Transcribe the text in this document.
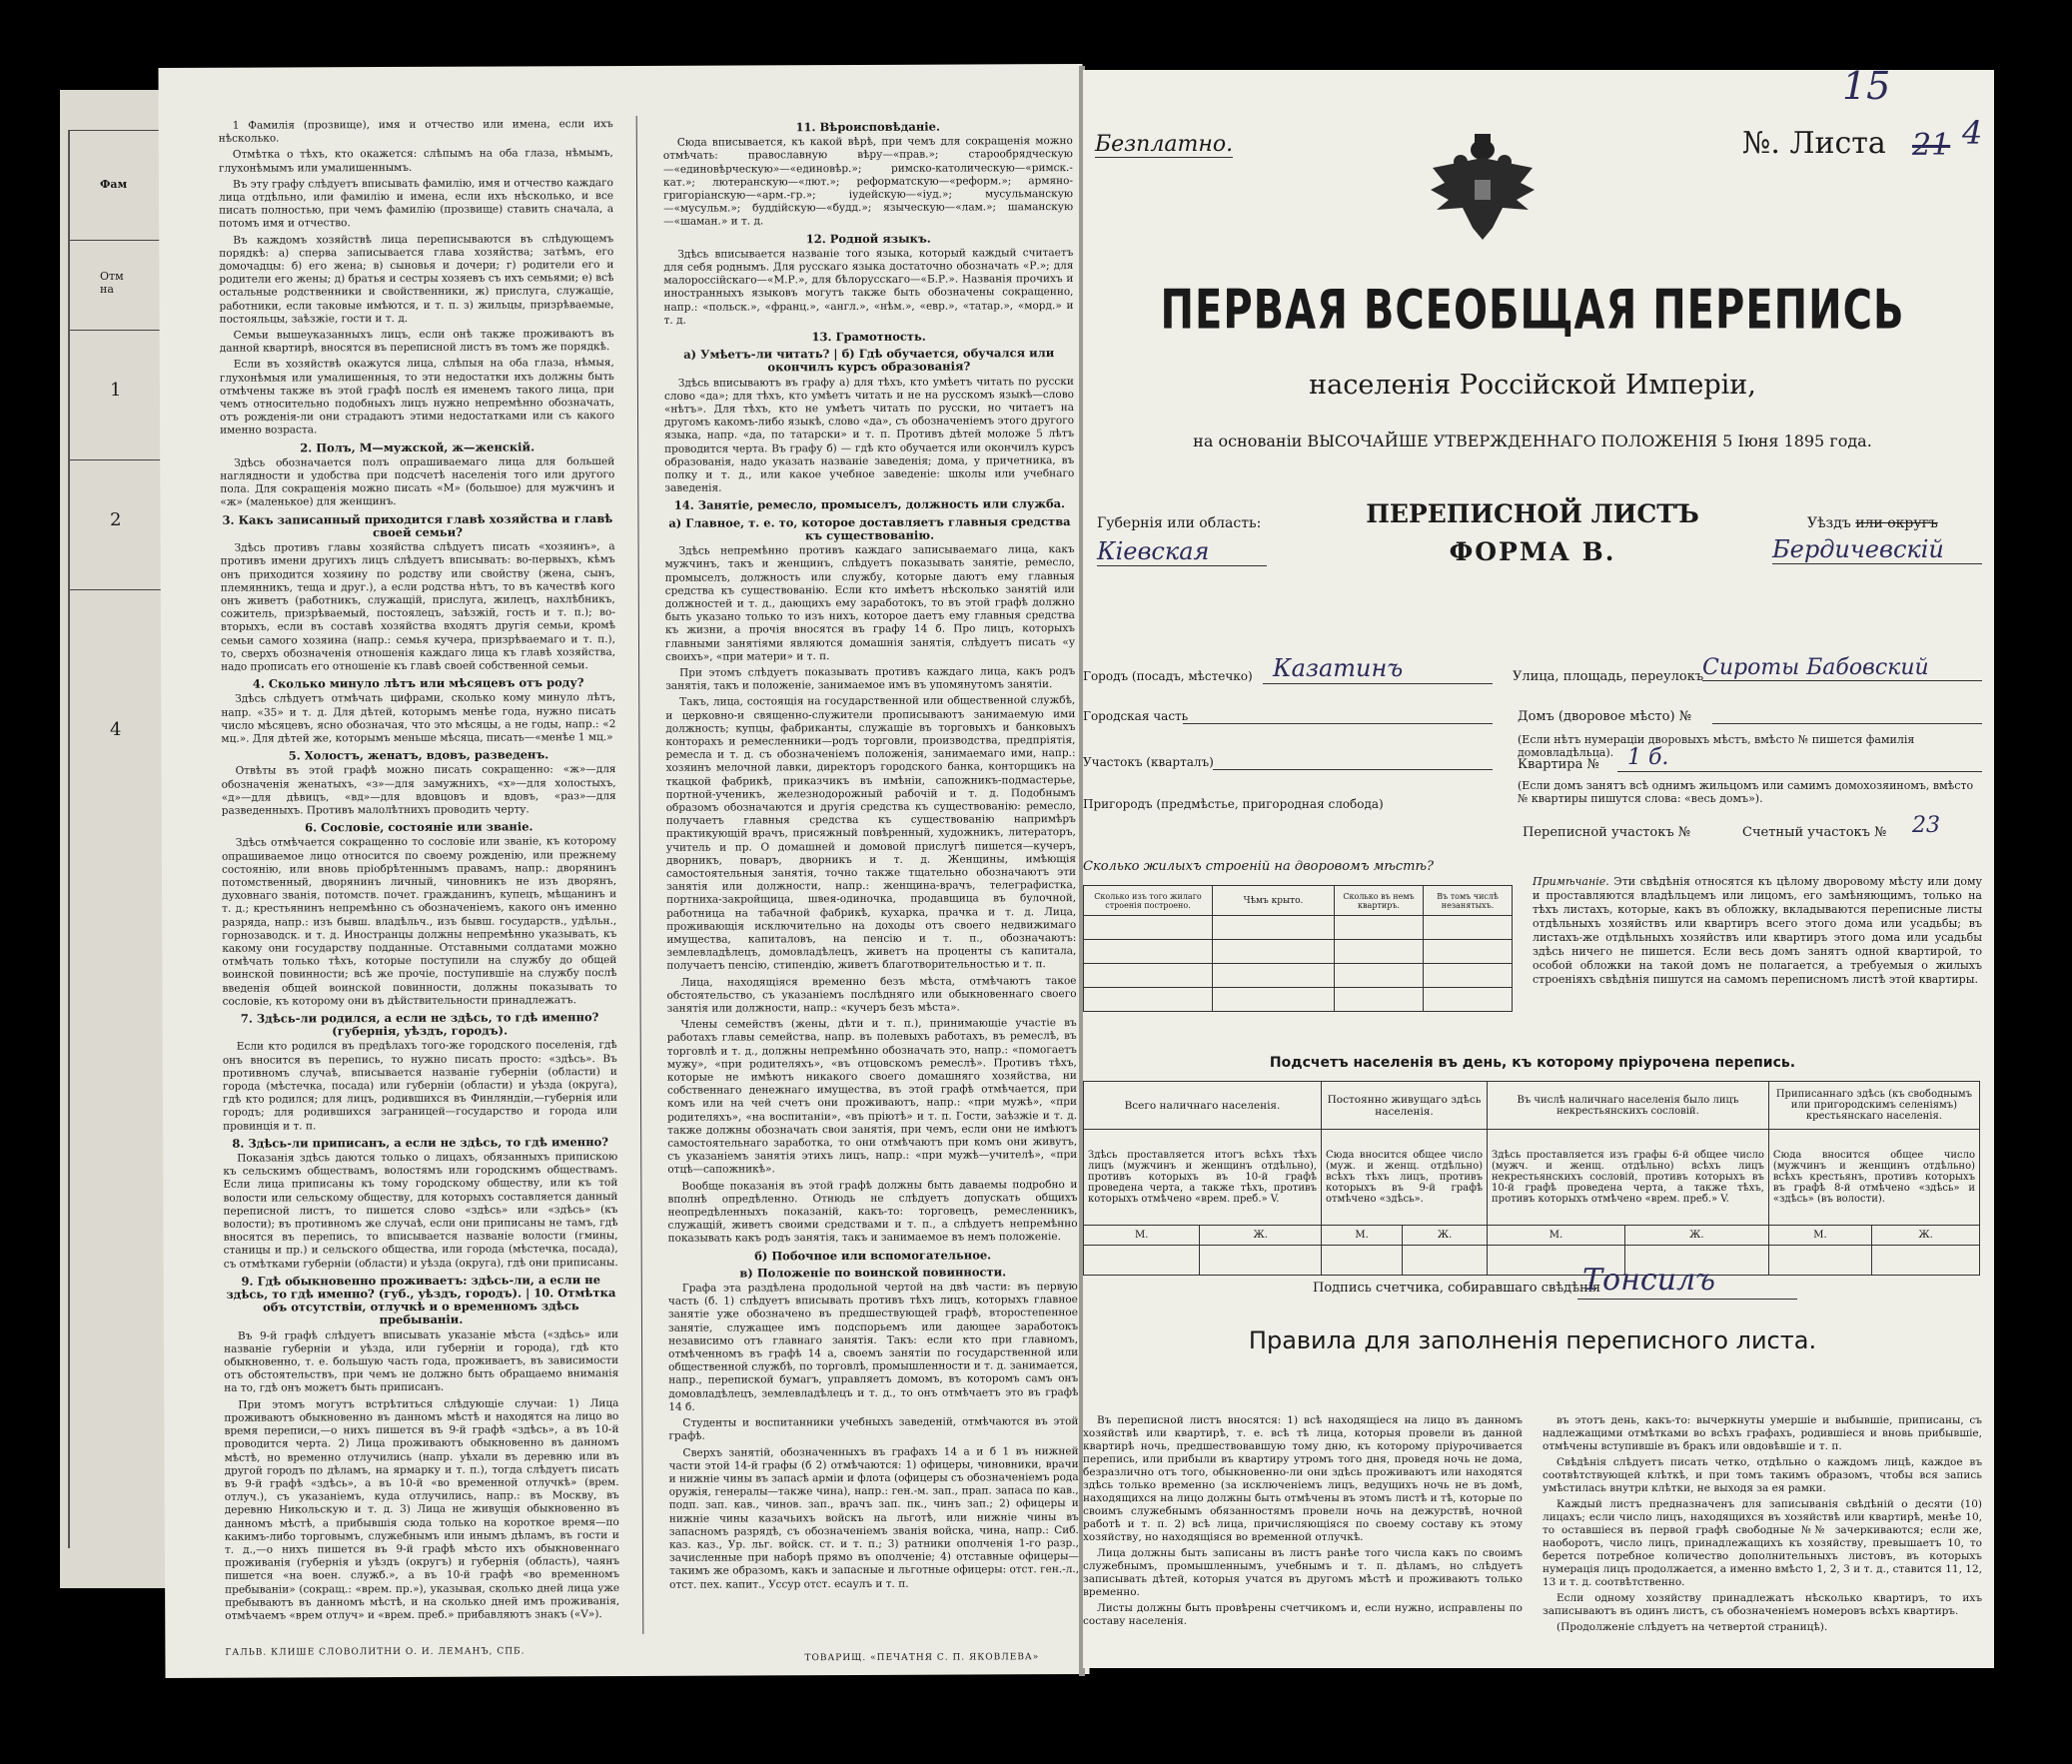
Фам
Отм на
1
2
4

1 Фамилія (прозвище), имя и отчество или имена, если ихъ нѣсколько.

Отмѣтка о тѣхъ, кто окажется: слѣпымъ на оба глаза, нѣмымъ, глухонѣмымъ или умалишеннымъ.

Въ эту графу слѣдуетъ вписывать фамилію, имя и отчество каждаго лица отдѣльно, или фамилію и имена, если ихъ нѣсколько, и все писать полностью, при чемъ фамилію (прозвище) ставить сначала, а потомъ имя и отчество.

Въ каждомъ хозяйствѣ лица переписываются въ слѣдующемъ порядкѣ: а) сперва записывается глава хозяйства; затѣмъ, его домочадцы: б) его жена; в) сыновья и дочери; г) родители его и родители его жены; д) братья и сестры хозяевъ съ ихъ семьями; е) всѣ остальные родственники и свойственники, ж) прислуга, служащіе, работники, если таковые имѣются, и т. п. з) жильцы, призрѣваемые, постояльцы, заѣзжіе, гости и т. д.

Семьи вышеуказанныхъ лицъ, если онѣ также проживаютъ въ данной квартирѣ, вносятся въ переписной листъ въ томъ же порядкѣ.

Если въ хозяйствѣ окажутся лица, слѣпыя на оба глаза, нѣмыя, глухонѣмыя или умалишенныя, то эти недостатки ихъ должны быть отмѣчены также въ этой графѣ послѣ ея именемъ такого лица, при чемъ относительно подобныхъ лицъ нужно непремѣнно обозначать, отъ рожденія-ли они страдаютъ этими недостатками или съ какого именно возраста.

2. Полъ, М—мужской, ж—женскій.

Здѣсь обозначается полъ опрашиваемаго лица для большей наглядности и удобства при подсчетѣ населенія того или другого пола. Для сокращенія можно писать «М» (большое) для мужчинъ и «ж» (маленькое) для женщинъ.

3. Какъ записанный приходится главѣ хозяйства и главѣ своей семьи?

Здѣсь противъ главы хозяйства слѣдуетъ писать «хозяинъ», а противъ имени другихъ лицъ слѣдуетъ вписывать: во-первыхъ, кѣмъ онъ приходится хозяину по родству или свойству (жена, сынъ, племянникъ, теща и друг.), а если родства нѣтъ, то въ качествѣ кого онъ живетъ (работникъ, служащій, прислуга, жилецъ, нахлѣбникъ, сожитель, призрѣваемый, постоялецъ, заѣзжій, гость и т. п.); во-вторыхъ, если въ составѣ хозяйства входятъ другія семьи, кромѣ семьи самого хозяина (напр.: семья кучера, призрѣваемаго и т. п.), то, сверхъ обозначенія отношенія каждаго лица къ главѣ хозяйства, надо прописать его отношеніе къ главѣ своей собственной семьи.

4. Сколько минуло лѣтъ или мѣсяцевъ отъ роду?

Здѣсь слѣдуетъ отмѣчать цифрами, сколько кому минуло лѣтъ, напр. «35» и т. д. Для дѣтей, которымъ менѣе года, нужно писать число мѣсяцевъ, ясно обозначая, что это мѣсяцы, а не годы, напр.: «2 мц.». Для дѣтей же, которымъ меньше мѣсяца, писать—«менѣе 1 мц.»

5. Холостъ, женатъ, вдовъ, разведенъ.

Отвѣты въ этой графѣ можно писать сокращенно: «ж»—для обозначенія женатыхъ, «з»—для замужнихъ, «х»—для холостыхъ, «д»—для дѣвицъ, «вд»—для вдовцовъ и вдовъ, «раз»—для разведенныхъ. Противъ малолѣтнихъ проводить черту.

6. Сословіе, состояніе или званіе.

Здѣсь отмѣчается сокращенно то сословіе или званіе, къ которому опрашиваемое лицо относится по своему рожденію, или прежнему состоянію, или вновь пріобрѣтеннымъ правамъ, напр.: дворянинъ потомственный, дворянинъ личный, чиновникъ не изъ дворянъ, духовнаго званія, потомств. почет. гражданинъ, купецъ, мѣщанинъ и т. д.; крестьянинъ непремѣнно съ обозначеніемъ, какого онъ именно разряда, напр.: изъ бывш. владѣльч., изъ бывш. государств., удѣльн., горнозаводск. и т. д. Иностранцы должны непремѣнно указывать, къ какому они государству подданные. Отставными солдатами можно отмѣчать только тѣхъ, которые поступили на службу до общей воинской повинности; всѣ же прочіе, поступившіе на службу послѣ введенія общей воинской повинности, должны показывать то сословіе, къ которому они въ дѣйствительности принадлежатъ.

7. Здѣсь-ли родился, а если не здѣсь, то гдѣ именно? (губернія, уѣздъ, городъ).

Если кто родился въ предѣлахъ того-же городского поселенія, гдѣ онъ вносится въ перепись, то нужно писать просто: «здѣсь». Въ противномъ случаѣ, вписывается названіе губерніи (области) и города (мѣстечка, посада) или губерніи (области) и уѣзда (округа), гдѣ кто родился; для лицъ, родившихся въ Финляндіи,—губернія или городъ; для родившихся заграницей—государство и города или провинція и т. п.

8. Здѣсь-ли приписанъ, а если не здѣсь, то гдѣ именно?

Показанія здѣсь даются только о лицахъ, обязанныхъ припискою къ сельскимъ обществамъ, волостямъ или городскимъ обществамъ. Если лица приписаны къ тому городскому обществу, или къ той волости или сельскому обществу, для которыхъ составляется данный переписной листъ, то пишется слово «здѣсь» или «здѣсь» (къ волости); въ противномъ же случаѣ, если они приписаны не тамъ, гдѣ вносятся въ перепись, то вписывается названіе волости (гмины, станицы и пр.) и сельского общества, или города (мѣстечка, посада), съ отмѣтками губерніи (области) и уѣзда (округа), гдѣ они приписаны.

9. Гдѣ обыкновенно проживаетъ: здѣсь-ли, а если не здѣсь, то гдѣ именно? (губ., уѣздъ, городъ). | 10. Отмѣтка объ отсутствіи, отлучкѣ и о временномъ здѣсь пребываніи.

Въ 9-й графѣ слѣдуетъ вписывать указаніе мѣста («здѣсь» или названіе губерніи и уѣзда, или губерніи и города), гдѣ кто обыкновенно, т. е. большую часть года, проживаетъ, въ зависимости отъ обстоятельствъ, при чемъ не должно быть обращаемо вниманія на то, гдѣ онъ можетъ быть приписанъ.

При этомъ могутъ встрѣтиться слѣдующіе случаи: 1) Лица проживаютъ обыкновенно въ данномъ мѣстѣ и находятся на лицо во время переписи,—о нихъ пишется въ 9-й графѣ «здѣсь», а въ 10-й проводится черта. 2) Лица проживаютъ обыкновенно въ данномъ мѣстѣ, но временно отлучились (напр. уѣхали въ деревню или въ другой городъ по дѣламъ, на ярмарку и т. п.), тогда слѣдуетъ писать въ 9-й графѣ «здѣсь», а въ 10-й «во временной отлучкѣ» (врем. отлуч.), съ указаніемъ, куда отлучились, напр.: въ Москву, въ деревню Никольскую и т. д. 3) Лица не живущія обыкновенно въ данномъ мѣстѣ, а прибывшія сюда только на короткое время—по какимъ-либо торговымъ, служебнымъ или инымъ дѣламъ, въ гости и т. д.,—о нихъ пишется въ 9-й графѣ мѣсто ихъ обыкновеннаго проживанія (губернія и уѣздъ (округъ) и губернія (область), чаянъ пишется «на воен. служб.», а въ 10-й графѣ «во временномъ пребываніи» (сокращ.: «врем. пр.»), указывая, сколько дней лица уже пребываютъ въ данномъ мѣстѣ, и на сколько дней имъ проживанія, отмѣчаемъ «врем отлуч» и «врем. преб.» прибавляютъ знакъ («V»).

11. Вѣроисповѣданіе.

Сюда вписывается, къ какой вѣрѣ, при чемъ для сокращенія можно отмѣчать: православную вѣру—«прав.»; старообрядческую—«единовѣрческую»—«единовѣр.»; римско-католическую—«римск.-кат.»; лютеранскую—«лют.»; реформатскую—«реформ.»; армяно-григоріанскую—«арм.-гр.»; іудейскую—«іуд.»; мусульманскую—«мусульм.»; буддійскую—«будд.»; языческую—«лам.»; шаманскую—«шаман.» и т. д.

12. Родной языкъ.

Здѣсь вписывается названіе того языка, который каждый считаетъ для себя роднымъ. Для русскаго языка достаточно обозначать «Р.»; для малороссійскаго—«М.Р.», для бѣлорусскаго—«Б.Р.». Названія прочихъ и иностранныхъ языковъ могутъ также быть обозначены сокращенно, напр.: «польск.», «франц.», «англ.», «нѣм.», «евр.», «татар.», «морд.» и т. д.

13. Грамотность.
а) Умѣетъ-ли читать? | б) Гдѣ обучается, обучался или окончилъ курсъ образованія?

Здѣсь вписываютъ въ графу а) для тѣхъ, кто умѣетъ читать по русски слово «да»; для тѣхъ, кто умѣетъ читать и не на русскомъ языкѣ—слово «нѣтъ». Для тѣхъ, кто не умѣетъ читать по русски, но читаетъ на другомъ какомъ-либо языкѣ, слово «да», съ обозначеніемъ этого другого языка, напр. «да, по татарски» и т. п. Противъ дѣтей моложе 5 лѣтъ проводится черта. Въ графу б) — гдѣ кто обучается или окончилъ курсъ образованія, надо указать названіе заведенія; дома, у причетника, въ полку и т. д., или какое учебное заведеніе: школы или учебнаго заведенія.

14. Занятіе, ремесло, промыселъ, должность или служба.
а) Главное, т. е. то, которое доставляетъ главныя средства къ существованію.

Здѣсь непремѣнно противъ каждаго записываемаго лица, какъ мужчинъ, такъ и женщинъ, слѣдуетъ показывать занятіе, ремесло, промыселъ, должность или службу, которые даютъ ему главныя средства къ существованію. Если кто имѣетъ нѣсколько занятій или должностей и т. д., дающихъ ему заработокъ, то въ этой графѣ должно быть указано только то изъ нихъ, которое даетъ ему главныя средства къ жизни, а прочія вносятся въ графу 14 б. Про лицъ, которыхъ главными занятіями являются домашнія занятія, слѣдуетъ писать «у своихъ», «при матери» и т. п.

При этомъ слѣдуетъ показывать противъ каждаго лица, какъ родъ занятія, такъ и положеніе, занимаемое имъ въ упомянутомъ занятіи.

Такъ, лица, состоящія на государственной или общественной службѣ, и церковно-и священно-служители прописываютъ занимаемую ими должность; купцы, фабриканты, служащіе въ торговыхъ и банковыхъ конторахъ и ремесленники—родъ торговли, производства, предпріятія, ремесла и т. д. съ обозначеніемъ положенія, занимаемаго ими, напр.: хозяинъ мелочной лавки, директоръ городского банка, конторщикъ на ткацкой фабрикѣ, приказчикъ въ имѣніи, сапожникъ-подмастерье, портной-ученикъ, железнодорожный рабочій и т. д. Подобнымъ образомъ обозначаются и другія средства къ существованію: ремесло, получаетъ главныя средства къ существованію напримѣръ практикующій врачъ, присяжный повѣренный, художникъ, литераторъ, учитель и пр. О домашней и домовой прислугѣ пишется—кучеръ, дворникъ, поваръ, дворникъ и т. д. Женщины, имѣющія самостоятельныя занятія, точно также тщательно обозначаютъ эти занятія или должности, напр.: женщина-врачъ, телеграфистка, портниха-закройщица, швея-одиночка, продавщица въ булочной, работница на табачной фабрикѣ, кухарка, прачка и т. д. Лица, проживающія исключительно на доходы отъ своего недвижимаго имущества, капиталовъ, на пенсію и т. п., обозначаютъ: землевладѣлецъ, домовладѣлецъ, живетъ на проценты съ капитала, получаетъ пенсію, стипендію, живетъ благотворительностью и т. п.

Лица, находящіяся временно безъ мѣста, отмѣчаютъ такое обстоятельство, съ указаніемъ послѣдняго или обыкновеннаго своего занятія или должности, напр.: «кучеръ безъ мѣста».

Члены семействъ (жены, дѣти и т. п.), принимающіе участіе въ работахъ главы семейства, напр. въ полевыхъ работахъ, въ ремеслѣ, въ торговлѣ и т. д., должны непремѣнно обозначать это, напр.: «помогаетъ мужу», «при родителяхъ», «въ отцовскомъ ремеслѣ». Противъ тѣхъ, которые не имѣютъ никакого своего домашняго хозяйства, ни собственнаго денежнаго имущества, въ этой графѣ отмѣчается, при комъ или на чей счетъ они проживаютъ, напр.: «при мужѣ», «при родителяхъ», «на воспитаніи», «въ пріютѣ» и т. п. Гости, заѣзжіе и т. д. также должны обозначать свои занятія, при чемъ, если они не имѣютъ самостоятельнаго заработка, то они отмѣчаютъ при комъ они живутъ, съ указаніемъ занятія этихъ лицъ, напр.: «при мужѣ—учителѣ», «при отцѣ—сапожникѣ».

Вообще показанія въ этой графѣ должны быть даваемы подробно и вполнѣ опредѣленно. Отнюдь не слѣдуетъ допускать общихъ неопредѣленныхъ показаній, какъ-то: торговецъ, ремесленникъ, служащій, живетъ своими средствами и т. п., а слѣдуетъ непремѣнно показывать какъ родъ занятія, такъ и занимаемое въ немъ положеніе.

б) Побочное или вспомогательное.
в) Положеніе по воинской повинности.

Графа эта раздѣлена продольной чертой на двѣ части: въ первую часть (б. 1) слѣдуетъ вписывать противъ тѣхъ лицъ, которыхъ главное занятіе уже обозначено въ предшествующей графѣ, второстепенное занятіе, служащее имъ подспорьемъ или дающее заработокъ независимо отъ главнаго занятія. Такъ: если кто при главномъ, отмѣченномъ въ графѣ 14 а, своемъ занятіи по государственной или общественной службѣ, по торговлѣ, промышленности и т. д. занимается, напр., перепиской бумагъ, управляетъ домомъ, въ которомъ самъ онъ домовладѣлецъ, землевладѣлецъ и т. д., то онъ отмѣчаетъ это въ графѣ 14 б.

Студенты и воспитанники учебныхъ заведеній, отмѣчаются въ этой графѣ.

Сверхъ занятій, обозначенныхъ въ графахъ 14 а и б 1 въ нижней части этой 14-й графы (б 2) отмѣчаются: 1) офицеры, чиновники, врачи и нижніе чины въ запасѣ арміи и флота (офицеры съ обозначеніемъ рода оружія, генералы—также чина), напр.: ген.-м. зап., прап. запаса по кав., подп. зап. кав., чинов. зап., врачъ зап. пк., чинъ зап.; 2) офицеры и нижніе чины казачьихъ войскъ на льготѣ, или нижніе чины въ запасномъ разрядѣ, съ обозначеніемъ званія войска, чина, напр.: Сиб. каз. каз., Ур. льг. войск. ст. и т. п.; 3) ратники ополченія 1-го разр., зачисленные при наборѣ прямо въ ополченіе; 4) отставные офицеры—такимъ же образомъ, какъ и запасные и льготные офицеры: отст. ген.-л., отст. пех. капит., Уссур отст. есаулъ и т. п.

ГАЛЬВ. КЛИШЕ СЛОВОЛИТНИ О. И. ЛЕМАНЪ, СПБ.	ТОВАРИЩ. «ПЕЧАТНЯ С. П. ЯКОВЛЕВА»
15
Безплатно.	№. Листа 21 4
ПЕРВАЯ ВСЕОБЩАЯ ПЕРЕПИСЬ
населенія Россійской Имперіи,
на основаніи ВЫСОЧАЙШЕ УТВЕРЖДЕННАГО ПОЛОЖЕНІЯ 5 Іюня 1895 года.
ПЕРЕПИСНОЙ ЛИСТЪ
ФОРМА В.
Губернія или область:
Кіевская
Уѣздъ или округъ
Бердичевскій
Городъ (посадъ, мѣстечко) Казатинъ
Городская часть
Участокъ (кварталъ)
Пригородъ (предмѣстье, пригородная слобода)
Улица, площадь, переулокъ
Сироты Бабовский
Домъ (дворовое мѣсто) №
(Если нѣтъ нумераціи дворовыхъ мѣстъ, вмѣсто № пишется фамилія домовладѣльца).
Квартира № 1 б.
(Если домъ занятъ всѣ однимъ жильцомъ или самимъ домохозяиномъ, вмѣсто № квартиры пишутся слова: «весь домъ»).
Переписной участокъ №	Счетный участокъ № 23
Сколько жилыхъ строеній на дворовомъ мѣстѣ?
Сколько изъ того жилаго строенія построено.	Чѣмъ крыто.	Сколько въ немъ квартиръ.	Въ томъ числѣ незанятыхъ.

Примѣчаніе. Эти свѣдѣнія относятся къ цѣлому дворовому мѣсту или дому и проставляются владѣльцемъ или лицомъ, его замѣняющимъ, только на тѣхъ листахъ, которые, какъ въ обложку, вкладываются переписные листы отдѣльныхъ хозяйствъ или квартиръ всего этого дома или усадьбы; въ листахъ-же отдѣльныхъ хозяйствъ или квартиръ этого дома или усадьбы здѣсь ничего не пишется. Если весь домъ занятъ одной квартирой, то особой обложки на такой домъ не полагается, а требуемыя о жилыхъ строеніяхъ свѣдѣнія пишутся на самомъ переписномъ листѣ этой квартиры.
Подсчетъ населенія въ день, къ которому пріурочена перепись.
Всего наличнаго населенія.		Постоянно живущаго здѣсь населенія.		Въ числѣ наличнаго населенія было лицъ некрестьянскихъ сословій.		Приписаннаго здѣсь (къ свободнымъ или пригородскимъ селеніямъ) крестьянскаго населенія.	
Здѣсь проставляется итогъ всѣхъ тѣхъ лицъ (мужчинъ и женщинъ отдѣльно), противъ которыхъ въ 10-й графѣ проведена черта, а также тѣхъ, противъ которыхъ отмѣчено «врем. преб.» V.		Сюда вносится общее число (муж. и женщ. отдѣльно) всѣхъ тѣхъ лицъ, противъ которыхъ въ 9-й графѣ отмѣчено «здѣсь».		Здѣсь проставляется изъ графы 6-й общее число (мужч. и женщ. отдѣльно) всѣхъ лицъ некрестьянскихъ сословій, противъ которыхъ въ 10-й графѣ проведена черта, а также тѣхъ, противъ которыхъ отмѣчено «врем. преб.» V.		Сюда вносится общее число (мужчинъ и женщинъ отдѣльно) всѣхъ крестьянъ, противъ которыхъ въ графѣ 8-й отмѣчено «здѣсь» и «здѣсь» (въ волости).	
М.	Ж.	М.	Ж.	М.	Ж.	М.	Ж.

Подпись счетчика, собиравшаго свѣдѣнія
Тонсилъ
Правила для заполненія переписного листа.

Въ переписной листъ вносятся: 1) всѣ находящіеся на лицо въ данномъ хозяйствѣ или квартирѣ, т. е. всѣ тѣ лица, которыя провели въ данной квартирѣ ночь, предшествовавшую тому дню, къ которому пріурочивается перепись, или прибыли въ квартиру утромъ того дня, проведя ночь не дома, безразлично отъ того, обыкновенно-ли они здѣсь проживаютъ или находятся здѣсь только временно (за исключеніемъ лицъ, ведущихъ ночь не въ домѣ, находящихся на лицо должны быть отмѣчены въ этомъ листѣ и тѣ, которые по своимъ служебнымъ обязанностямъ провели ночь на дежурствѣ, ночной работѣ и т. п. 2) всѣ лица, причисляющіяся по своему составу къ этому хозяйству, но находящіяся во временной отлучкѣ.

Лица должны быть записаны въ листъ ранѣе того числа какъ по своимъ служебнымъ, промышленнымъ, учебнымъ и т. п. дѣламъ, но слѣдуетъ записывать дѣтей, которыя учатся въ другомъ мѣстѣ и проживаютъ только временно.

Листы должны быть провѣрены счетчикомъ и, если нужно, исправлены по составу населенія.

въ этотъ день, какъ-то: вычеркнуты умершіе и выбывшіе, приписаны, съ надлежащими отмѣтками во всѣхъ графахъ, родившіеся и вновь прибывшіе, отмѣчены вступившіе въ бракъ или овдовѣвшіе и т. п.

Свѣдѣнія слѣдуетъ писать четко, отдѣльно о каждомъ лицѣ, каждое въ соотвѣтствующей клѣткѣ, и при томъ такимъ образомъ, чтобы вся запись умѣстилась внутри клѣтки, не выходя за ея рамки.

Каждый листъ предназначенъ для записыванія свѣдѣній о десяти (10) лицахъ; если число лицъ, находящихся въ хозяйствѣ или квартирѣ, менѣе 10, то оставшіеся въ первой графѣ свободные №№ зачеркиваются; если же, наоборотъ, число лицъ, принадлежащихъ къ хозяйству, превышаетъ 10, то берется потребное количество дополнительныхъ листовъ, въ которыхъ нумерація лицъ продолжается, а именно вмѣсто 1, 2, 3 и т. д., ставится 11, 12, 13 и т. д. соотвѣтственно.

Если одному хозяйству принадлежатъ нѣсколько квартиръ, то ихъ записываютъ въ одинъ листъ, съ обозначеніемъ номеровъ всѣхъ квартиръ.

(Продолженіе слѣдуетъ на четвертой страницѣ).
